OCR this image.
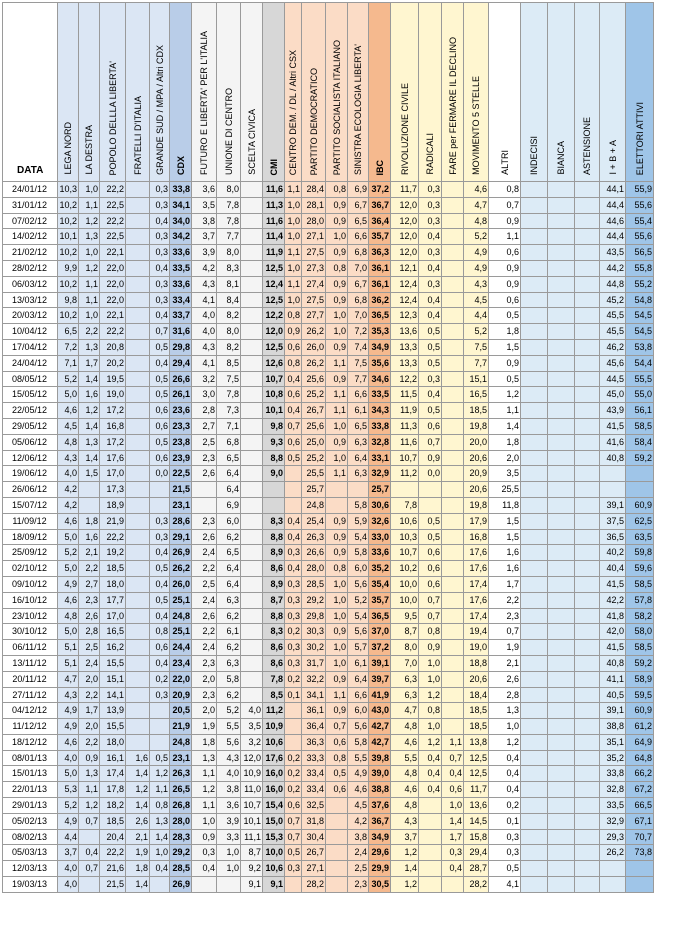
DATA	LEGA NORD	LA DESTRA	POPOLO DELLLA LIBERTA'	FRATELLI D'ITALIA	GRANDE SUD / MPA / Altri CDX	CDX	FUTURO E LIBERTA' PER L'ITALIA	UNIONE DI CENTRO	SCELTA CIVICA	CMI	CENTRO DEM. / DL / Altri CSX	PARTITO DEMOCRATICO	PARTITO SOCIALISTA ITALIANO	SINISTRA ECOLOGIA LIBERTA'	IBC	RIVOLUZIONE CIVILE	RADICALI	FARE per FERMARE IL DECLINO	MOVIMENTO 5 STELLE	ALTRI	INDECISI	BIANCA	ASTENSIONE	I + B + A	ELETTORI ATTIVI

24/01/12	10,3	1,0	22,2		0,3	33,8	3,6	8,0		11,6	1,1	28,4	0,8	6,9	37,2	11,7	0,3		4,6	0,8				44,1	55,9
31/01/12	10,2	1,1	22,5		0,3	34,1	3,5	7,8		11,3	1,0	28,1	0,9	6,7	36,7	12,0	0,3		4,7	0,7				44,4	55,6
07/02/12	10,2	1,2	22,2		0,4	34,0	3,8	7,8		11,6	1,0	28,0	0,9	6,5	36,4	12,0	0,3		4,8	0,9				44,6	55,4
14/02/12	10,1	1,3	22,5		0,3	34,2	3,7	7,7		11,4	1,0	27,1	1,0	6,6	35,7	12,0	0,4		5,2	1,1				44,4	55,6
21/02/12	10,2	1,0	22,1		0,3	33,6	3,9	8,0		11,9	1,1	27,5	0,9	6,8	36,3	12,0	0,3		4,9	0,6				43,5	56,5
28/02/12	9,9	1,2	22,0		0,4	33,5	4,2	8,3		12,5	1,0	27,3	0,8	7,0	36,1	12,1	0,4		4,9	0,9				44,2	55,8
06/03/12	10,2	1,1	22,0		0,3	33,6	4,3	8,1		12,4	1,1	27,4	0,9	6,7	36,1	12,4	0,3		4,3	0,9				44,8	55,2
13/03/12	9,8	1,1	22,0		0,3	33,4	4,1	8,4		12,5	1,0	27,5	0,9	6,8	36,2	12,4	0,4		4,5	0,6				45,2	54,8
20/03/12	10,2	1,0	22,1		0,4	33,7	4,0	8,2		12,2	0,8	27,7	1,0	7,0	36,5	12,3	0,4		4,4	0,5				45,5	54,5
10/04/12	6,5	2,2	22,2		0,7	31,6	4,0	8,0		12,0	0,9	26,2	1,0	7,2	35,3	13,6	0,5		5,2	1,8				45,5	54,5
17/04/12	7,2	1,3	20,8		0,5	29,8	4,3	8,2		12,5	0,6	26,0	0,9	7,4	34,9	13,3	0,5		7,5	1,5				46,2	53,8
24/04/12	7,1	1,7	20,2		0,4	29,4	4,1	8,5		12,6	0,8	26,2	1,1	7,5	35,6	13,3	0,5		7,7	0,9				45,6	54,4
08/05/12	5,2	1,4	19,5		0,5	26,6	3,2	7,5		10,7	0,4	25,6	0,9	7,7	34,6	12,2	0,3		15,1	0,5				44,5	55,5
15/05/12	5,0	1,6	19,0		0,5	26,1	3,0	7,8		10,8	0,6	25,2	1,1	6,6	33,5	11,5	0,4		16,5	1,2				45,0	55,0
22/05/12	4,6	1,2	17,2		0,6	23,6	2,8	7,3		10,1	0,4	26,7	1,1	6,1	34,3	11,9	0,5		18,5	1,1				43,9	56,1
29/05/12	4,5	1,4	16,8		0,6	23,3	2,7	7,1		9,8	0,7	25,6	1,0	6,5	33,8	11,3	0,6		19,8	1,4				41,5	58,5
05/06/12	4,8	1,3	17,2		0,5	23,8	2,5	6,8		9,3	0,6	25,0	0,9	6,3	32,8	11,6	0,7		20,0	1,8				41,6	58,4
12/06/12	4,3	1,4	17,6		0,6	23,9	2,3	6,5		8,8	0,5	25,2	1,0	6,4	33,1	10,7	0,9		20,6	2,0				40,8	59,2
19/06/12	4,0	1,5	17,0		0,0	22,5	2,6	6,4		9,0		25,5	1,1	6,3	32,9	11,2	0,0		20,9	3,5					
26/06/12	4,2		17,3			21,5		6,4				25,7			25,7				20,6	25,5					
15/07/12	4,2		18,9			23,1		6,9				24,8		5,8	30,6	7,8			19,8	11,8				39,1	60,9
11/09/12	4,6	1,8	21,9		0,3	28,6	2,3	6,0		8,3	0,4	25,4	0,9	5,9	32,6	10,6	0,5		17,9	1,5				37,5	62,5
18/09/12	5,0	1,6	22,2		0,3	29,1	2,6	6,2		8,8	0,4	26,3	0,9	5,4	33,0	10,3	0,5		16,8	1,5				36,5	63,5
25/09/12	5,2	2,1	19,2		0,4	26,9	2,4	6,5		8,9	0,3	26,6	0,9	5,8	33,6	10,7	0,6		17,6	1,6				40,2	59,8
02/10/12	5,0	2,2	18,5		0,5	26,2	2,2	6,4		8,6	0,4	28,0	0,8	6,0	35,2	10,2	0,6		17,6	1,6				40,4	59,6
09/10/12	4,9	2,7	18,0		0,4	26,0	2,5	6,4		8,9	0,3	28,5	1,0	5,6	35,4	10,0	0,6		17,4	1,7				41,5	58,5
16/10/12	4,6	2,3	17,7		0,5	25,1	2,4	6,3		8,7	0,3	29,2	1,0	5,2	35,7	10,0	0,7		17,6	2,2				42,2	57,8
23/10/12	4,8	2,6	17,0		0,4	24,8	2,6	6,2		8,8	0,3	29,8	1,0	5,4	36,5	9,5	0,7		17,4	2,3				41,8	58,2
30/10/12	5,0	2,8	16,5		0,8	25,1	2,2	6,1		8,3	0,2	30,3	0,9	5,6	37,0	8,7	0,8		19,4	0,7				42,0	58,0
06/11/12	5,1	2,5	16,2		0,6	24,4	2,4	6,2		8,6	0,3	30,2	1,0	5,7	37,2	8,0	0,9		19,0	1,9				41,5	58,5
13/11/12	5,1	2,4	15,5		0,4	23,4	2,3	6,3		8,6	0,3	31,7	1,0	6,1	39,1	7,0	1,0		18,8	2,1				40,8	59,2
20/11/12	4,7	2,0	15,1		0,2	22,0	2,0	5,8		7,8	0,2	32,2	0,9	6,4	39,7	6,3	1,0		20,6	2,6				41,1	58,9
27/11/12	4,3	2,2	14,1		0,3	20,9	2,3	6,2		8,5	0,1	34,1	1,1	6,6	41,9	6,3	1,2		18,4	2,8				40,5	59,5
04/12/12	4,9	1,7	13,9			20,5	2,0	5,2	4,0	11,2		36,1	0,9	6,0	43,0	4,7	0,8		18,5	1,3				39,1	60,9
11/12/12	4,9	2,0	15,5			21,9	1,9	5,5	3,5	10,9		36,4	0,7	5,6	42,7	4,8	1,0		18,5	1,0				38,8	61,2
18/12/12	4,6	2,2	18,0			24,8	1,8	5,6	3,2	10,6		36,3	0,6	5,8	42,7	4,6	1,2	1,1	13,8	1,2				35,1	64,9
08/01/13	4,0	0,9	16,1	1,6	0,5	23,1	1,3	4,3	12,0	17,6	0,2	33,3	0,8	5,5	39,8	5,5	0,4	0,7	12,5	0,4				35,2	64,8
15/01/13	5,0	1,3	17,4	1,4	1,2	26,3	1,1	4,0	10,9	16,0	0,2	33,4	0,5	4,9	39,0	4,8	0,4	0,4	12,5	0,4				33,8	66,2
22/01/13	5,3	1,1	17,8	1,2	1,1	26,5	1,2	3,8	11,0	16,0	0,2	33,4	0,6	4,6	38,8	4,6	0,4	0,6	11,7	0,4				32,8	67,2
29/01/13	5,2	1,2	18,2	1,4	0,8	26,8	1,1	3,6	10,7	15,4	0,6	32,5		4,5	37,6	4,8		1,0	13,6	0,2				33,5	66,5
05/02/13	4,9	0,7	18,5	2,6	1,3	28,0	1,0	3,9	10,1	15,0	0,7	31,8		4,2	36,7	4,3		1,4	14,5	0,1				32,9	67,1
08/02/13	4,4		20,4	2,1	1,4	28,3	0,9	3,3	11,1	15,3	0,7	30,4		3,8	34,9	3,7		1,7	15,8	0,3				29,3	70,7
05/03/13	3,7	0,4	22,2	1,9	1,0	29,2	0,3	1,0	8,7	10,0	0,5	26,7		2,4	29,6	1,2		0,3	29,4	0,3				26,2	73,8
12/03/13	4,0	0,7	21,6	1,8	0,4	28,5	0,4	1,0	9,2	10,6	0,3	27,1		2,5	29,9	1,4		0,4	28,7	0,5					
19/03/13	4,0		21,5	1,4		26,9			9,1	9,1		28,2		2,3	30,5	1,2			28,2	4,1					
